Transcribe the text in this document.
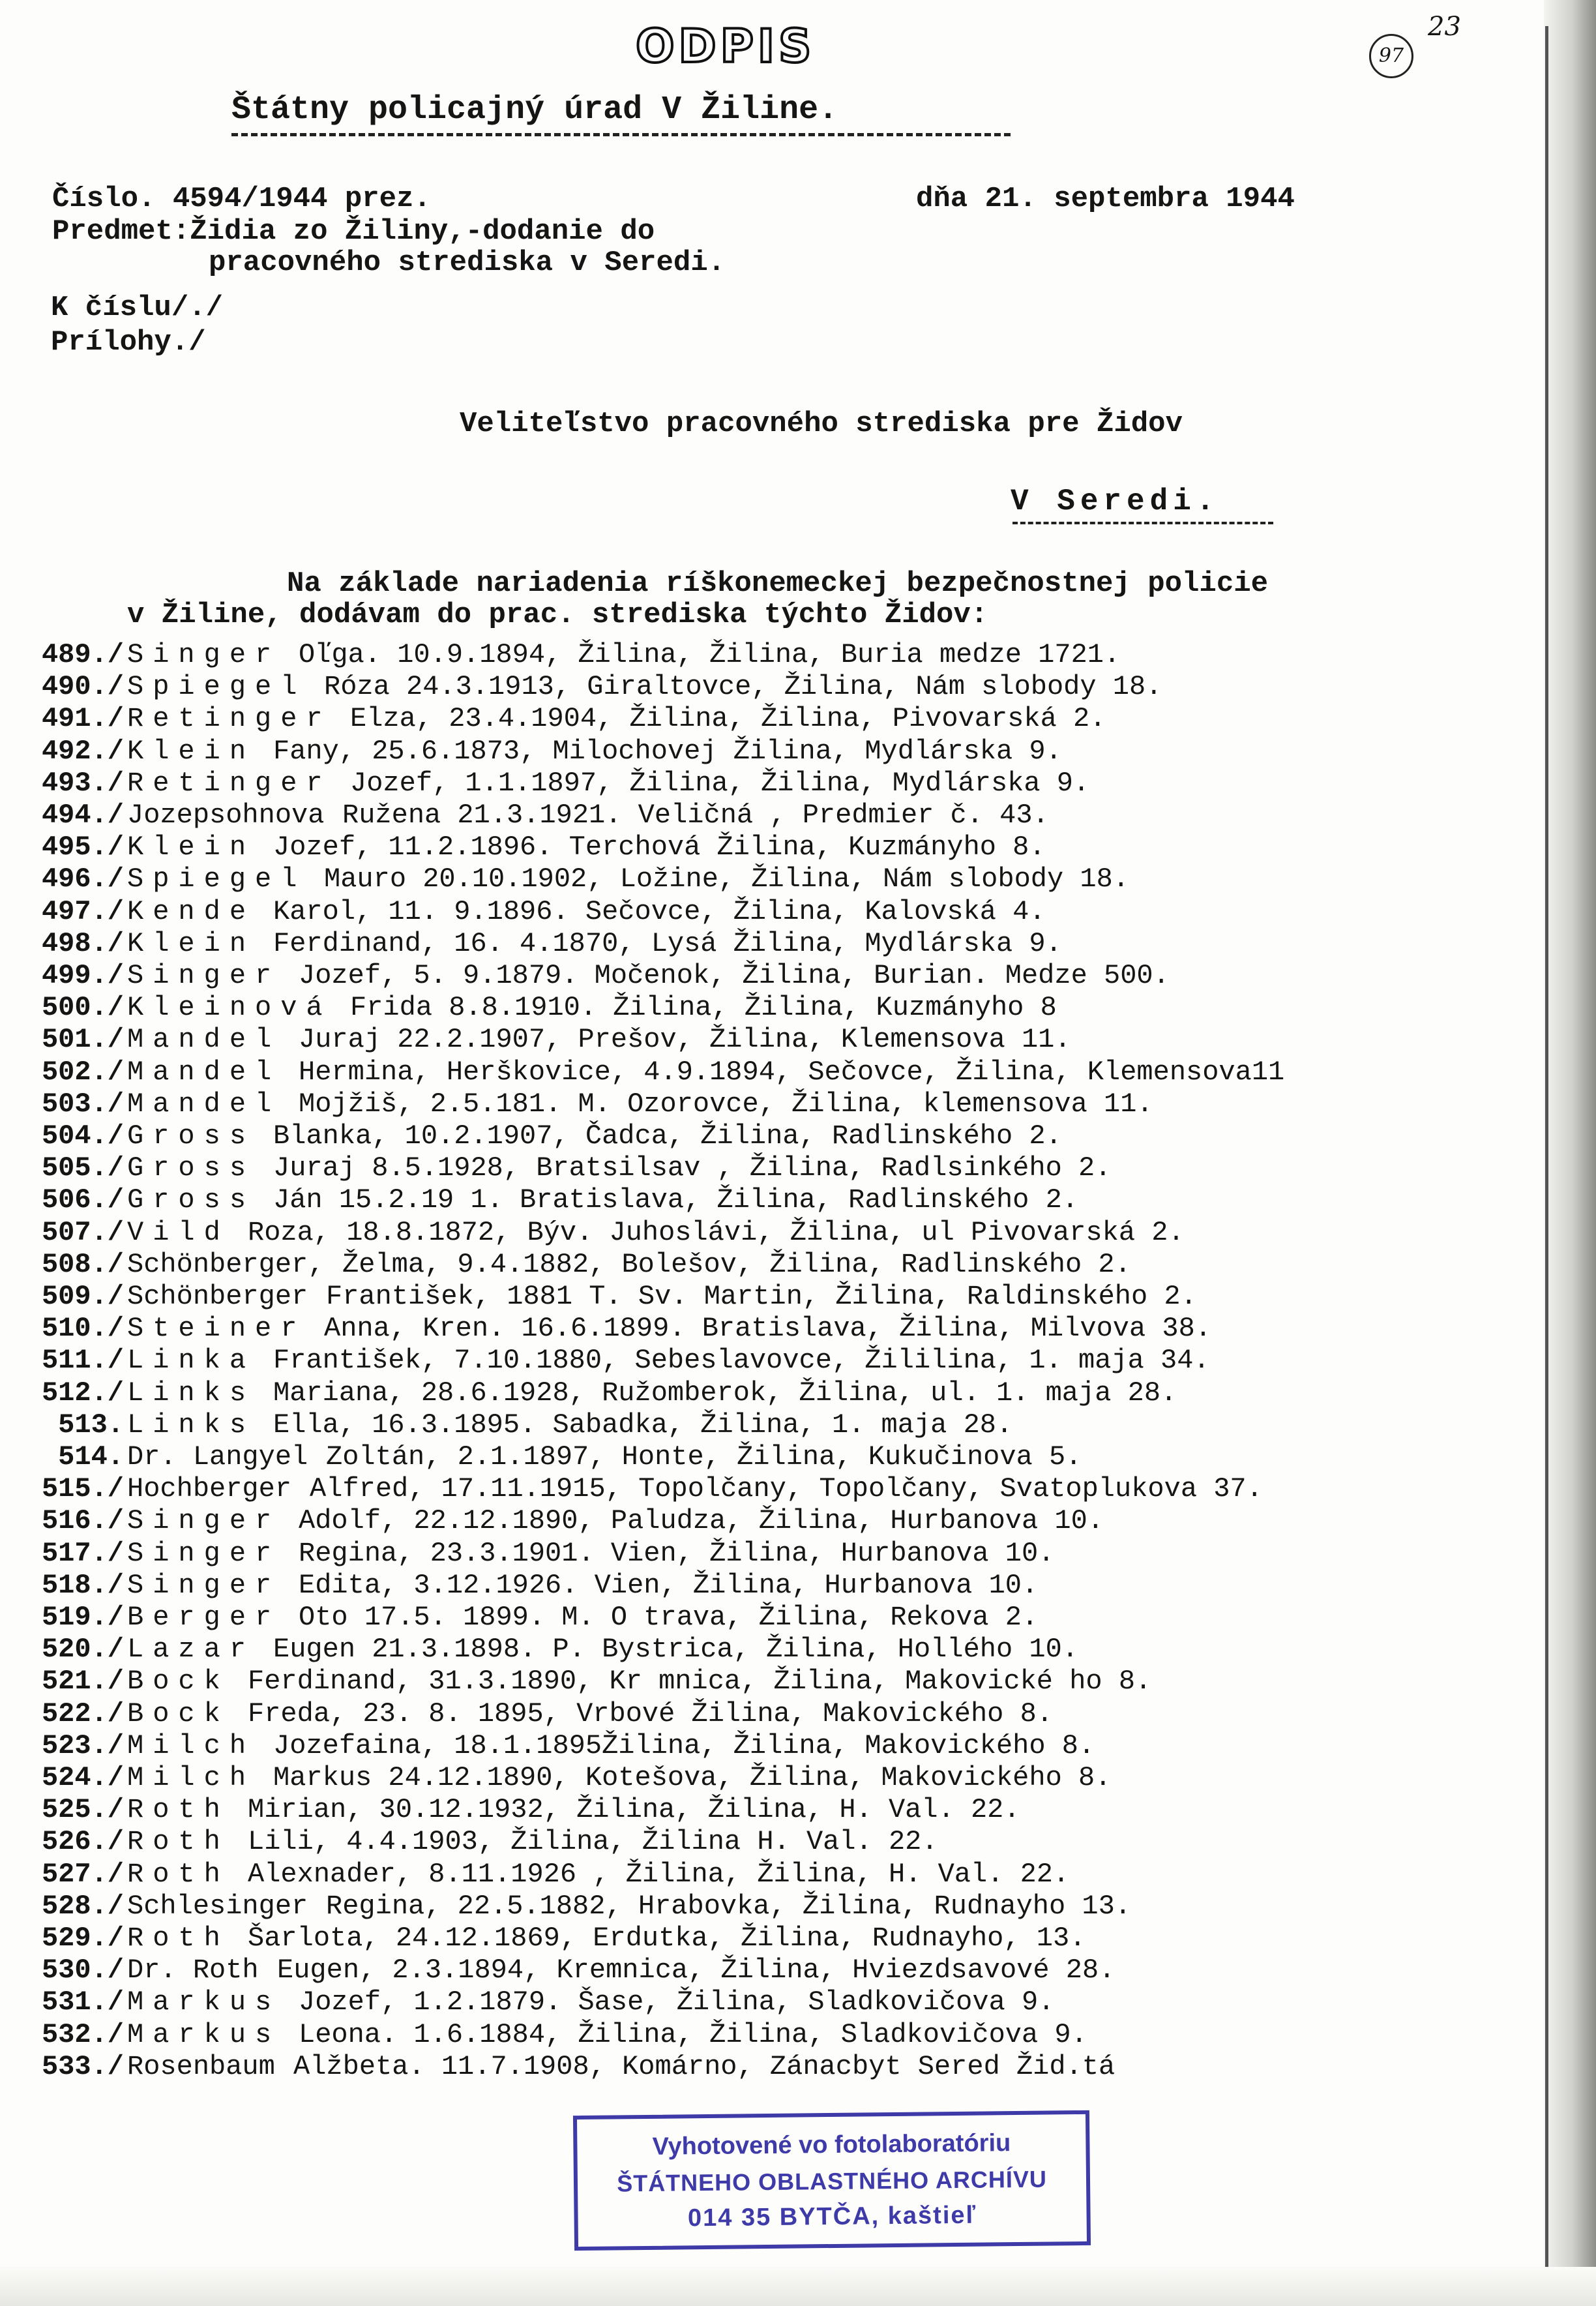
ODPIS	97
23
Štátny policajný úrad V Žiline.
Číslo. 4594/1944 prez.	dňa 21. septembra 1944
Predmet:Židia zo Žiliny,-dodanie do
pracovného strediska v Seredi.
K číslu/./
Prílohy./
Veliteľstvo pracovného strediska pre Židov
V Seredi.
Na základe nariadenia ríškonemeckej bezpečnostnej policie
v Žiline, dodávam do prac. strediska týchto Židov:
489./ Singer Oľga. 10.9.1894, Žilina, Žilina, Buria medze 1721.
490./ Spiegel Róza 24.3.1913, Giraltovce, Žilina, Nám slobody 18.
491./ Retinger Elza, 23.4.1904, Žilina, Žilina, Pivovarská 2.
492./ Klein Fany, 25.6.1873, Milochovej Žilina, Mydlárska 9.
493./ Retinger Jozef, 1.1.1897, Žilina, Žilina, Mydlárska 9.
494./ Jozepsohnova Ružena 21.3.1921. Veličná , Predmier č. 43.
495./ Klein Jozef, 11.2.1896. Terchová Žilina, Kuzmányho 8.
496./ Spiegel Mauro 20.10.1902, Ložine, Žilina, Nám slobody 18.
497./ Kende Karol, 11. 9.1896. Sečovce, Žilina, Kalovská 4.
498./ Klein Ferdinand, 16. 4.1870, Lysá Žilina, Mydlárska 9.
499./ Singer Jozef, 5. 9.1879. Močenok, Žilina, Burian. Medze 500.
500./ Kleinová Frida 8.8.1910. Žilina, Žilina, Kuzmányho 8
501./ Mandel Juraj 22.2.1907, Prešov, Žilina, Klemensova 11.
502./ Mandel Hermina, Herškovice, 4.9.1894, Sečovce, Žilina, Klemensova11
503./ Mandel Mojžiš, 2.5.181. M. Ozorovce, Žilina, klemensova 11.
504./ Gross Blanka, 10.2.1907, Čadca, Žilina, Radlinského 2.
505./ Gross Juraj 8.5.1928, Bratsilsav , Žilina, Radlsinkého 2.
506./ Gross Ján 15.2.19 1. Bratislava, Žilina, Radlinského 2.
507./ Vild Roza, 18.8.1872, Býv. Juhoslávi, Žilina, ul Pivovarská 2.
508./ Schönberger, Želma, 9.4.1882, Bolešov, Žilina, Radlinského 2.
509./ Schönberger František, 1881 T. Sv. Martin, Žilina, Raldinského 2.
510./ Steiner Anna, Kren. 16.6.1899. Bratislava, Žilina, Milvova 38.
511./ Linka František, 7.10.1880, Sebeslavovce, Žililina, 1. maja 34.
512./ Links Mariana, 28.6.1928, Ružomberok, Žilina, ul. 1. maja 28.
513. Links Ella, 16.3.1895. Sabadka, Žilina, 1. maja 28.
514. Dr. Langyel Zoltán, 2.1.1897, Honte, Žilina, Kukučinova 5.
515./ Hochberger Alfred, 17.11.1915, Topolčany, Topolčany, Svatoplukova 37.
516./ Singer Adolf, 22.12.1890, Paludza, Žilina, Hurbanova 10.
517./ Singer Regina, 23.3.1901. Vien, Žilina, Hurbanova 10.
518./ Singer Edita, 3.12.1926. Vien, Žilina, Hurbanova 10.
519./ Berger Oto 17.5. 1899. M. O trava, Žilina, Rekova 2.
520./ Lazar Eugen 21.3.1898. P. Bystrica, Žilina, Hollého 10.
521./ Bock Ferdinand, 31.3.1890, Kr mnica, Žilina, Makovické ho 8.
522./ Bock Freda, 23. 8. 1895, Vrbové Žilina, Makovického 8.
523./ Milch Jozefaina, 18.1.1895Žilina, Žilina, Makovického 8.
524./ Milch Markus 24.12.1890, Kotešova, Žilina, Makovického 8.
525./ Roth Mirian, 30.12.1932, Žilina, Žilina, H. Val. 22.
526./ Roth Lili, 4.4.1903, Žilina, Žilina H. Val. 22.
527./ Roth Alexnader, 8.11.1926 , Žilina, Žilina, H. Val. 22.
528./ Schlesinger Regina, 22.5.1882, Hrabovka, Žilina, Rudnayho 13.
529./ Roth Šarlota, 24.12.1869, Erdutka, Žilina, Rudnayho, 13.
530./ Dr. Roth Eugen, 2.3.1894, Kremnica, Žilina, Hviezdsavové 28.
531./ Markus Jozef, 1.2.1879. Šase, Žilina, Sladkovičova 9.
532./ Markus Leona. 1.6.1884, Žilina, Žilina, Sladkovičova 9.
533./ Rosenbaum Alžbeta. 11.7.1908, Komárno, Zánacbyt Sered Žid.tá
Vyhotovené vo fotolaboratóriu
ŠTÁTNEHO OBLASTNÉHO ARCHÍVU
014 35 BYTČA, kaštieľ
